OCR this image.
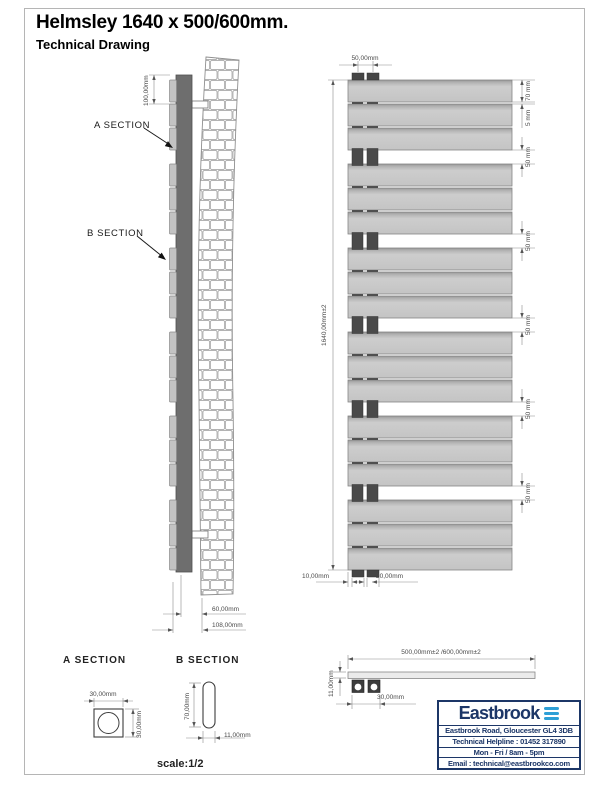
Helmsley 1640 x 500/600mm.
Technical Drawing
A SECTION
B SECTION
100,00mm
60,00mm
108,00mm
50,00mm
1640,00mm±2
70 mm
5 mm
50 mm
50 mm
50 mm
50 mm
50 mm
10,00mm	20,00mm
A SECTION	B SECTION
30,00mm
30,00mm
70,00mm
11,00mm
500,00mm±2 /600,00mm±2
11,00mm
30,00mm
scale:1/2
Eastbrook
Eastbrook Road, Gloucester GL4 3DB
Technical Helpline : 01452 317890
Mon - Fri / 8am - 5pm
Email : technical@eastbrookco.com
